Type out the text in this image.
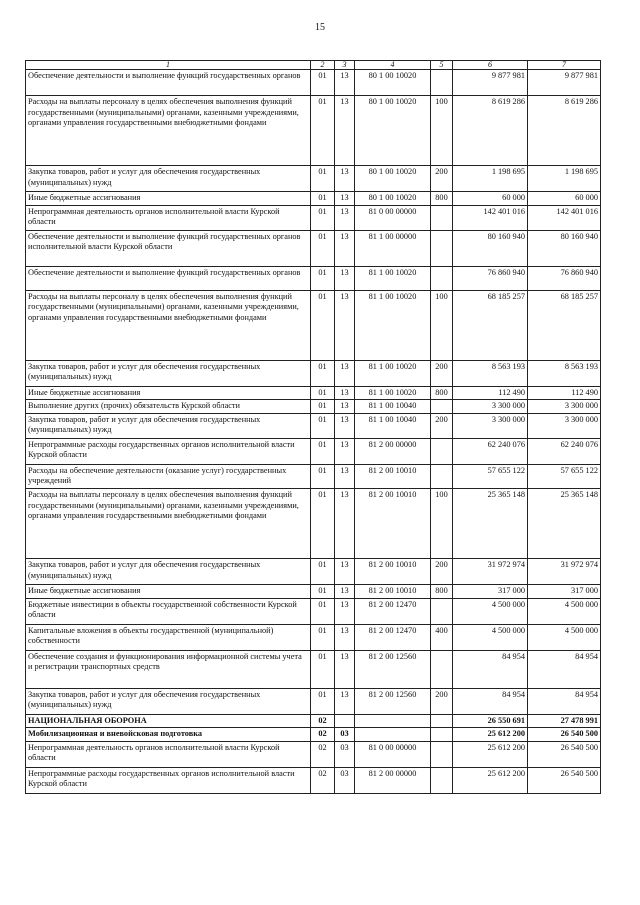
15
1	2	3	4	5	6	7
Обеспечение деятельности и выполнение функций государственных органов	01	13	80 1 00 10020		9 877 981	9 877 981
Расходы на выплаты персоналу в целях обеспечения выполнения функций государственными (муниципальными) органами, казенными учреждениями, органами управления государственными внебюджетными фондами	01	13	80 1 00 10020	100	8 619 286	8 619 286
Закупка товаров, работ и услуг для обеспечения государственных (муниципальных) нужд	01	13	80 1 00 10020	200	1 198 695	1 198 695
Иные бюджетные ассигнования	01	13	80 1 00 10020	800	60 000	60 000
Непрограммная деятельность органов исполнительной власти Курской области	01	13	81 0 00 00000		142 401 016	142 401 016
Обеспечение деятельности и выполнение функций государственных органов исполнительной власти Курской области	01	13	81 1 00 00000		80 160 940	80 160 940
Обеспечение деятельности и выполнение функций государственных органов	01	13	81 1 00 10020		76 860 940	76 860 940
Расходы на выплаты персоналу в целях обеспечения выполнения функций государственными (муниципальными) органами, казенными учреждениями, органами управления государственными внебюджетными фондами	01	13	81 1 00 10020	100	68 185 257	68 185 257
Закупка товаров, работ и услуг для обеспечения государственных (муниципальных) нужд	01	13	81 1 00 10020	200	8 563 193	8 563 193
Иные бюджетные ассигнования	01	13	81 1 00 10020	800	112 490	112 490
Выполнение других (прочих) обязательств Курской области	01	13	81 1 00 10040		3 300 000	3 300 000
Закупка товаров, работ и услуг для обеспечения государственных (муниципальных) нужд	01	13	81 1 00 10040	200	3 300 000	3 300 000
Непрограммные расходы государственных органов исполнительной власти Курской области	01	13	81 2 00 00000		62 240 076	62 240 076
Расходы на обеспечение деятельности (оказание услуг) государственных учреждений	01	13	81 2 00 10010		57 655 122	57 655 122
Расходы на выплаты персоналу в целях обеспечения выполнения функций государственными (муниципальными) органами, казенными учреждениями, органами управления государственными внебюджетными фондами	01	13	81 2 00 10010	100	25 365 148	25 365 148
Закупка товаров, работ и услуг для обеспечения государственных (муниципальных) нужд	01	13	81 2 00 10010	200	31 972 974	31 972 974
Иные бюджетные ассигнования	01	13	81 2 00 10010	800	317 000	317 000
Бюджетные инвестиции в объекты государственной собственности Курской области	01	13	81 2 00 12470		4 500 000	4 500 000
Капитальные вложения в объекты государственной (муниципальной) собственности	01	13	81 2 00 12470	400	4 500 000	4 500 000
Обеспечение создания и функционирования информационной системы учета и регистрации транспортных средств	01	13	81 2 00 12560		84 954	84 954
Закупка товаров, работ и услуг для обеспечения государственных (муниципальных) нужд	01	13	81 2 00 12560	200	84 954	84 954
НАЦИОНАЛЬНАЯ ОБОРОНА	02				26 550 691	27 478 991
Мобилизационная и вневойсковая подготовка	02	03			25 612 200	26 540 500
Непрограммная деятельность органов исполнительной власти Курской области	02	03	81 0 00 00000		25 612 200	26 540 500
Непрограммные расходы государственных органов исполнительной власти Курской области	02	03	81 2 00 00000		25 612 200	26 540 500
